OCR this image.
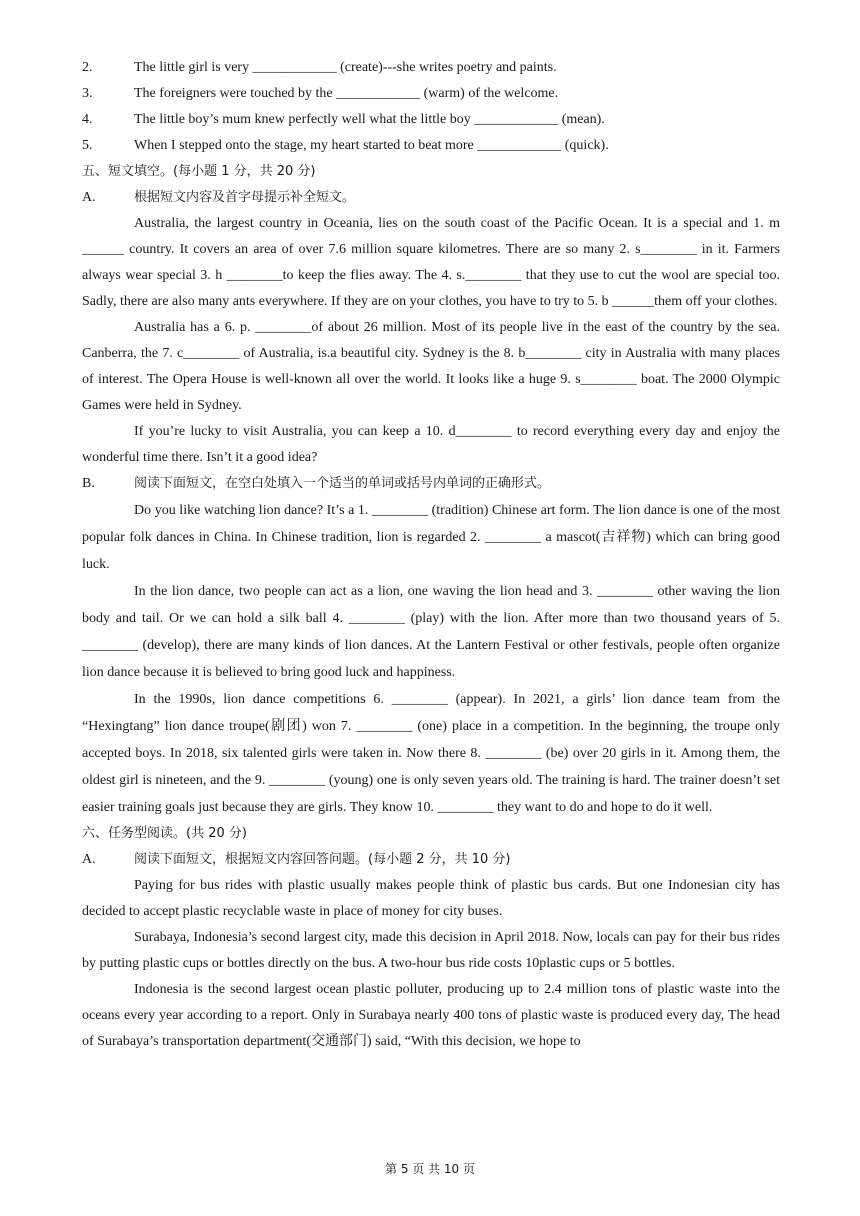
2.	The little girl is very ____________ (create)---she writes poetry and paints.
3.	The foreigners were touched by the ____________ (warm) of the welcome.
4.	The little boy’s mum knew perfectly well what the little boy ____________ (mean).
5.	When I stepped onto the stage, my heart started to beat more ____________ (quick).
五、短文填空。(每小题 1 分，共 20 分)
A.	根据短文内容及首字母提示补全短文。

Australia, the largest country in Oceania, lies on the south coast of the Pacific Ocean. It is a special and 1. m ______ country. It covers an area of over 7.6 million square kilometres. There are so many 2. s________ in it. Farmers always wear special 3. h ________to keep the flies away. The 4. s.________ that they use to cut the wool are special too. Sadly, there are also many ants everywhere. If they are on your clothes, you have to try to 5. b ______them off your clothes.

Australia has a 6. p. ________of about 26 million. Most of its people live in the east of the country by the sea. Canberra, the 7. c________ of Australia, is.a beautiful city. Sydney is the 8. b________ city in Australia with many places of interest. The Opera House is well-known all over the world. It looks like a huge 9. s________ boat. The 2000 Olympic Games were held in Sydney.

If you’re lucky to visit Australia, you can keep a 10. d________ to record everything every day and enjoy the wonderful time there. Isn’t it a good idea?

B.	阅读下面短文，在空白处填入一个适当的单词或括号内单词的正确形式。

Do you like watching lion dance? It’s a 1. ________ (tradition) Chinese art form. The lion dance is one of the most popular folk dances in China. In Chinese tradition, lion is regarded 2. ________ a mascot(吉祥物) which can bring good luck.

In the lion dance, two people can act as a lion, one waving the lion head and 3. ________ other waving the lion body and tail. Or we can hold a silk ball 4. ________ (play) with the lion. After more than two thousand years of 5. ________ (develop), there are many kinds of lion dances. At the Lantern Festival or other festivals, people often organize lion dance because it is believed to bring good luck and happiness.

In the 1990s, lion dance competitions 6. ________ (appear). In 2021, a girls’ lion dance team from the “Hexingtang” lion dance troupe(剧团) won 7. ________ (one) place in a competition. In the beginning, the troupe only accepted boys. In 2018, six talented girls were taken in. Now there 8. ________ (be) over 20 girls in it. Among them, the oldest girl is nineteen, and the 9. ________ (young) one is only seven years old. The training is hard. The trainer doesn’t set easier training goals just because they are girls. They know 10. ________ they want to do and hope to do it well.

六、任务型阅读。(共 20 分)
A.	阅读下面短文，根据短文内容回答问题。(每小题 2 分，共 10 分)

Paying for bus rides with plastic usually makes people think of plastic bus cards. But one Indonesian city has decided to accept plastic recyclable waste in place of money for city buses.

Surabaya, Indonesia’s second largest city, made this decision in April 2018. Now, locals can pay for their bus rides by putting plastic cups or bottles directly on the bus. A two-hour bus ride costs 10plastic cups or 5 bottles.

Indonesia is the second largest ocean plastic polluter, producing up to 2.4 million tons of plastic waste into the oceans every year according to a report. Only in Surabaya nearly 400 tons of plastic waste is produced every day, The head of Surabaya’s transportation department(交通部门) said, “With this decision, we hope to

第 5 页 共 10 页
